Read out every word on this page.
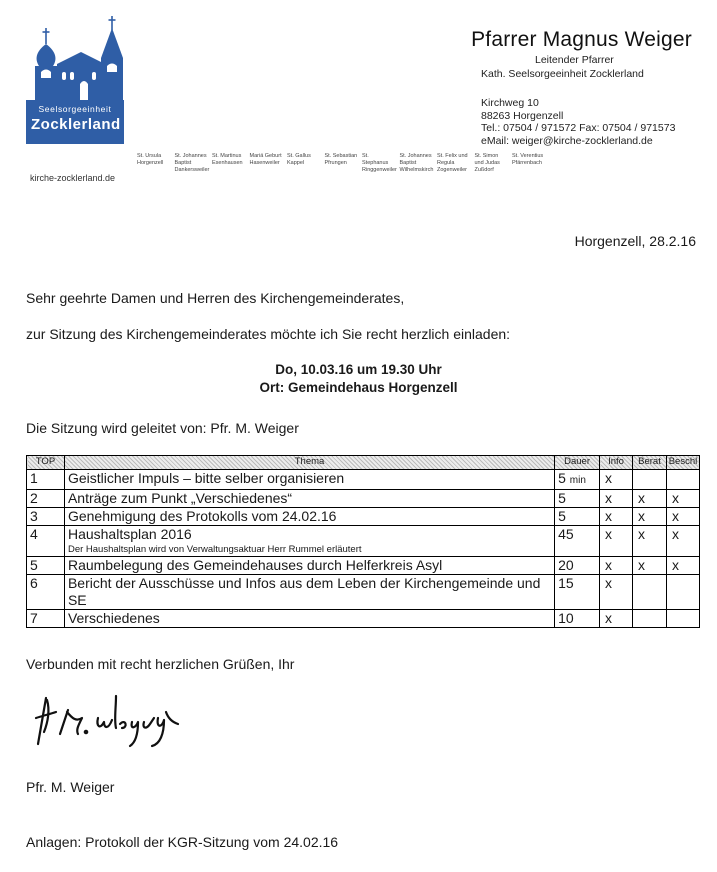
Seelsorgeeinheit
Zocklerland
kirche-zocklerland.de
St. Ursula
Horgenzell
St. Johannes Baptist
Dankersweiler
St. Martinus
Esenhausen
Mariä Geburt
Hasenweiler
St. Gallus
Kappel
St. Sebastian
Pfrungen
St. Stephanus
Ringgenweiler
St. Johannes Baptist
Wilhelmskirch
St. Felix und Regula
Zogenweiler
St. Simon und Judas
Zußdorf
St. Verentius
Pfärrenbach
Pfarrer Magnus Weiger
Leitender Pfarrer
Kath. Seelsorgeeinheit Zocklerland
Kirchweg 10
88263 Horgenzell
Tel.: 07504 / 971572 Fax: 07504 / 971573
eMail: weiger@kirche-zocklerland.de
Horgenzell, 28.2.16
Sehr geehrte Damen und Herren des Kirchengemeinderates,
zur Sitzung des Kirchengemeinderates möchte ich Sie recht herzlich einladen:
Do, 10.03.16 um 19.30 Uhr
Ort: Gemeindehaus Horgenzell
Die Sitzung wird geleitet von: Pfr. M. Weiger
TOP	Thema	Dauer	Info	Berat	Beschl
1	Geistlicher Impuls – bitte selber organisieren	5 min	x		
2	Anträge zum Punkt „Verschiedenes“	5	x	x	x
3	Genehmigung des Protokolls vom 24.02.16	5	x	x	x
4	Haushaltsplan 2016
Der Haushaltsplan wird von Verwaltungsaktuar Herr Rummel erläutert	45	x	x	x
5	Raumbelegung des Gemeindehauses durch Helferkreis Asyl	20	x	x	x
6	Bericht der Ausschüsse und Infos aus dem Leben der Kirchengemeinde und SE	15	x		
7	Verschiedenes	10	x		
Verbunden mit recht herzlichen Grüßen, Ihr
Pfr. M. Weiger
Anlagen: Protokoll der KGR-Sitzung vom 24.02.16
